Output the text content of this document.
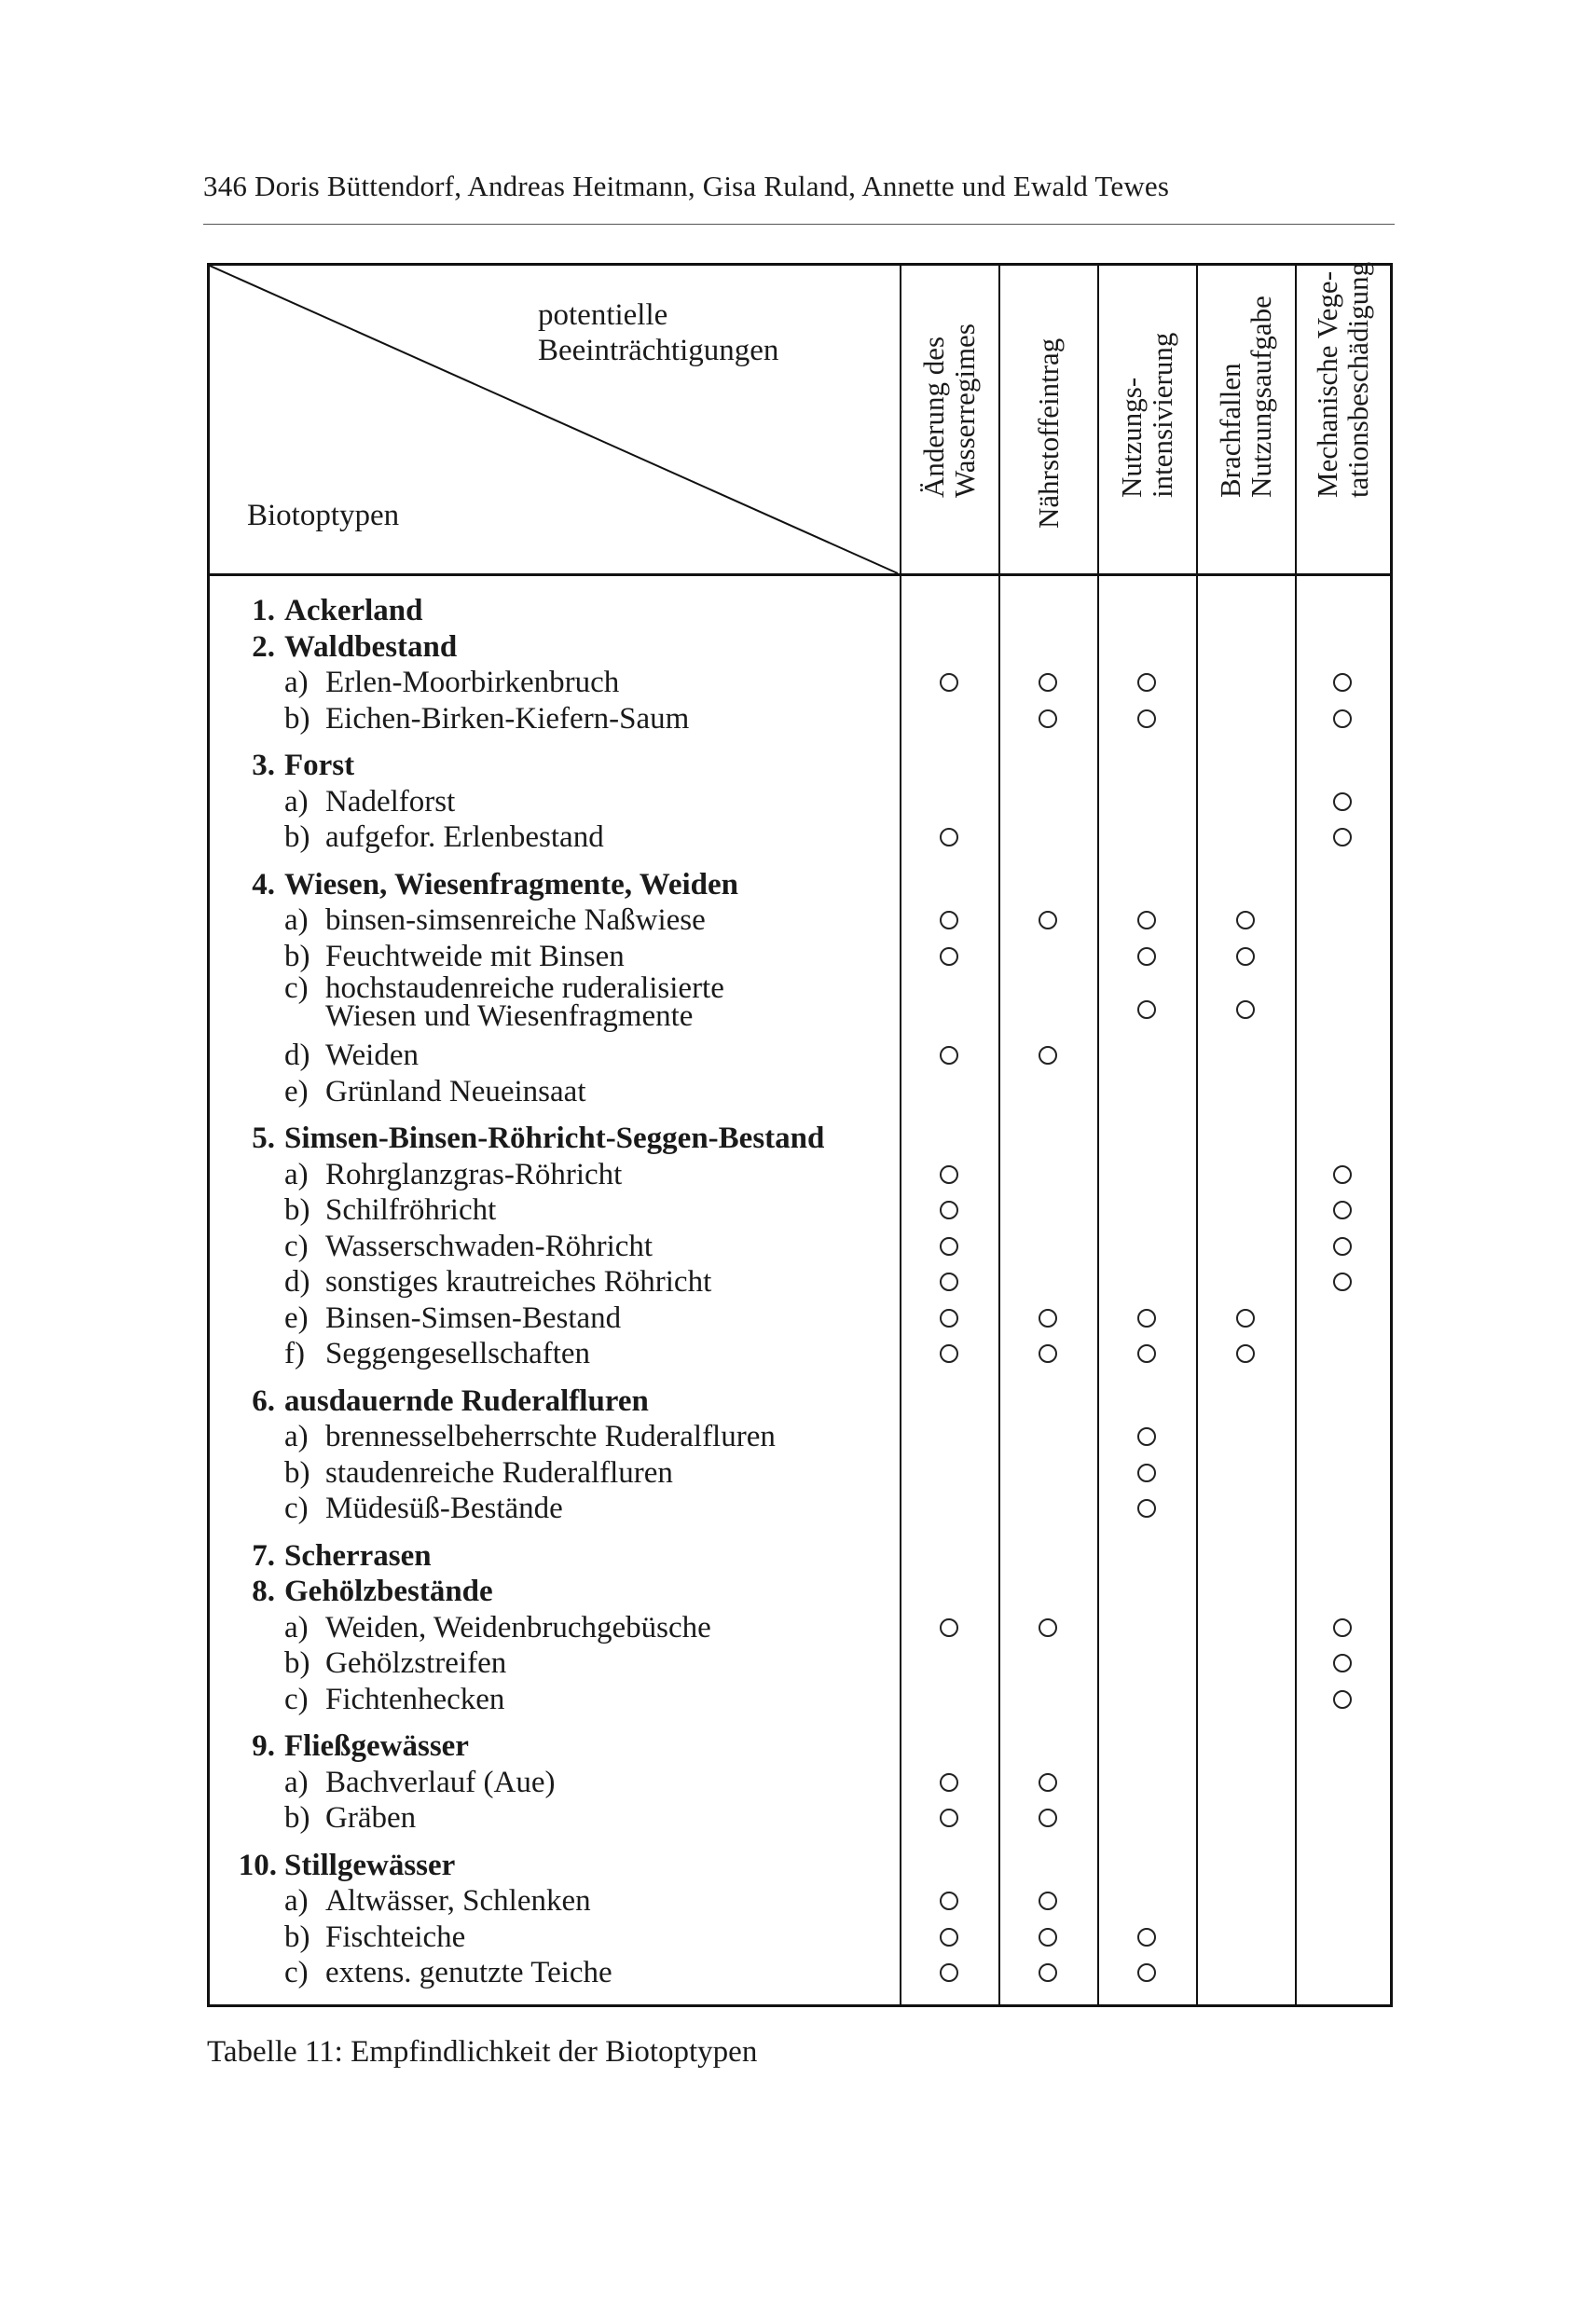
346 Doris Büttendorf, Andreas Heitmann, Gisa Ruland, Annette und Ewald Tewes
potentielle
Beeinträchtigungen
Biotoptypen
Änderung des
Wasserregimes Nährstoffeintrag Nutzungs-
intensivierung Brachfallen
Nutzungsaufgabe Mechanische Vege-
tationsbeschädigung
1. Ackerland
2. Waldbestand
a) Erlen-Moorbirkenbruch
b) Eichen-Birken-Kiefern-Saum
3. Forst
a) Nadelforst
b) aufgefor. Erlenbestand
4. Wiesen, Wiesenfragmente, Weiden
a) binsen-simsenreiche Naßwiese
b) Feuchtweide mit Binsen
c) hochstaudenreiche ruderalisierte
Wiesen und Wiesenfragmente
d) Weiden
e) Grünland Neueinsaat
5. Simsen-Binsen-Röhricht-Seggen-Bestand
a) Rohrglanzgras-Röhricht
b) Schilfröhricht
c) Wasserschwaden-Röhricht
d) sonstiges krautreiches Röhricht
e) Binsen-Simsen-Bestand
f) Seggengesellschaften
6. ausdauernde Ruderalfluren
a) brennesselbeherrschte Ruderalfluren
b) staudenreiche Ruderalfluren
c) Müdesüß-Bestände
7. Scherrasen
8. Gehölzbestände
a) Weiden, Weidenbruchgebüsche
b) Gehölzstreifen
c) Fichtenhecken
9. Fließgewässer
a) Bachverlauf (Aue)
b) Gräben
10. Stillgewässer
a) Altwässer, Schlenken
b) Fischteiche
c) extens. genutzte Teiche
Tabelle 11: Empfindlichkeit der Biotoptypen
